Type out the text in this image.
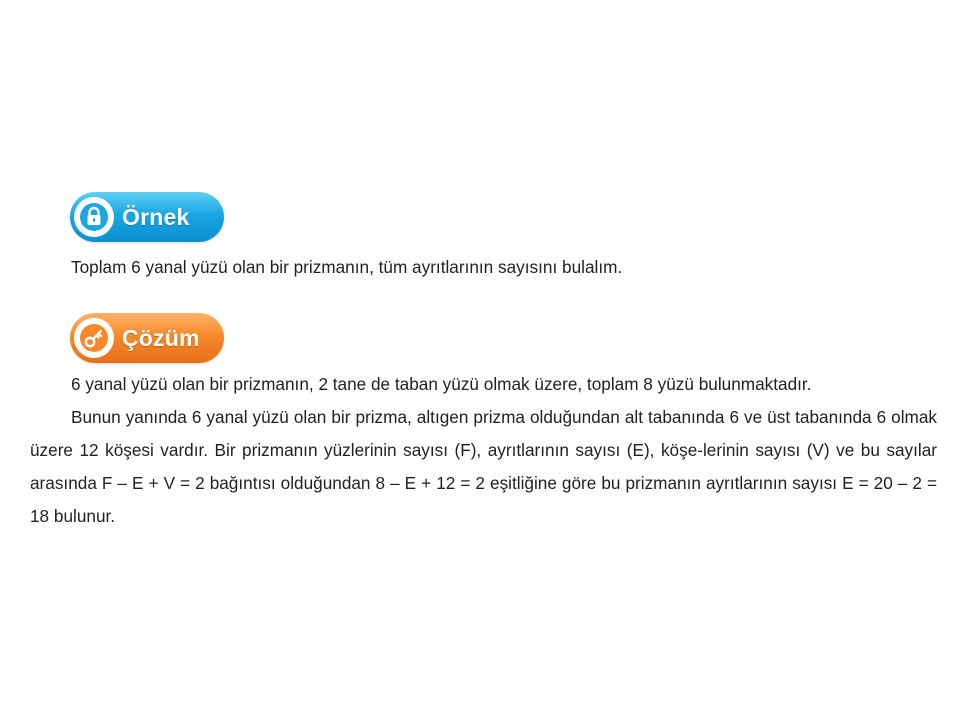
Örnek

Toplam 6 yanal yüzü olan bir prizmanın, tüm ayrıtlarının sayısını bulalım.

Çözüm

6 yanal yüzü olan bir prizmanın, 2 tane de taban yüzü olmak üzere, toplam 8 yüzü bulunmaktadır.

Bunun yanında 6 yanal yüzü olan bir prizma, altıgen prizma olduğundan alt tabanında 6 ve üst tabanında 6 olmak üzere 12 köşesi vardır. Bir prizmanın yüzlerinin sayısı (F), ayrıtlarının sayısı (E), köşe-lerinin sayısı (V) ve bu sayılar arasında F – E + V = 2 bağıntısı olduğundan 8 – E + 12 = 2 eşitliğine göre bu prizmanın ayrıtlarının sayısı E = 20 – 2 = 18 bulunur.
